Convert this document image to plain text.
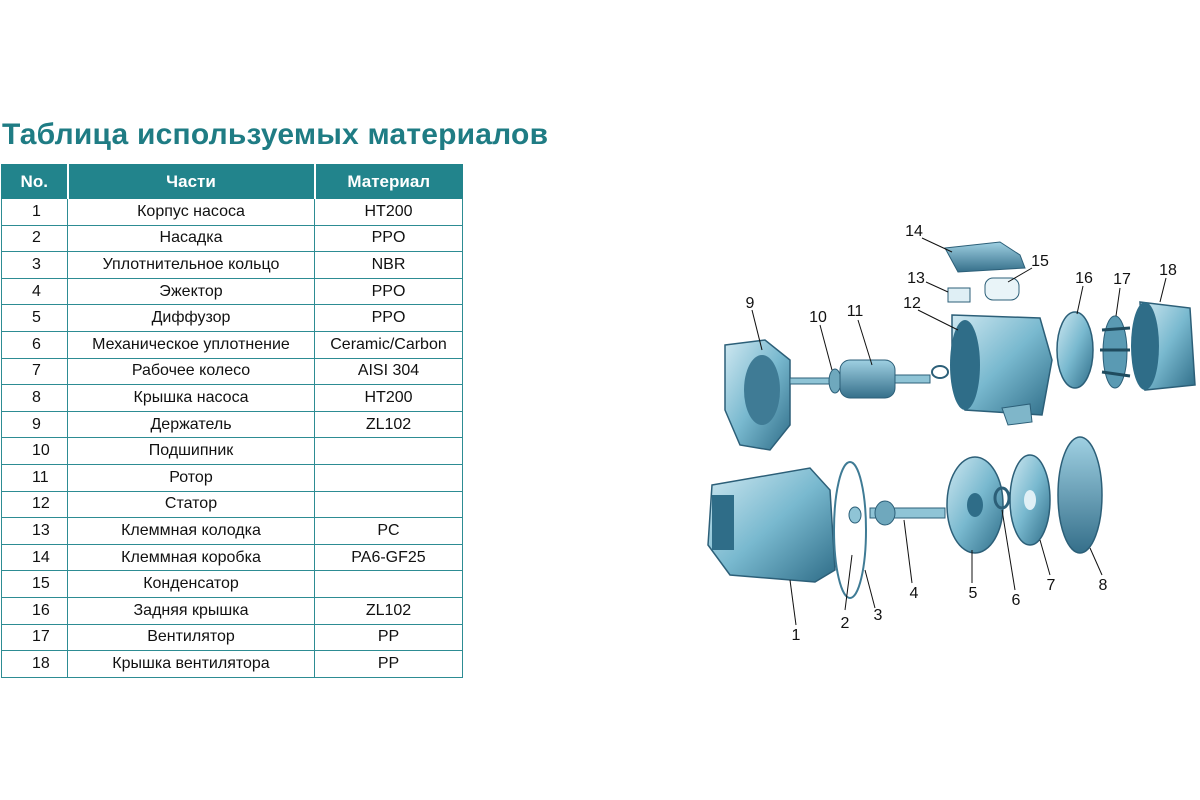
Таблица используемых материалов
No.	Части	Материал
1	Корпус насоса	HT200
2	Насадка	PPO
3	Уплотнительное кольцо	NBR
4	Эжектор	PPO
5	Диффузор	PPO
6	Механическое уплотнение	Ceramic/Carbon
7	Рабочее колесо	AISI 304
8	Крышка насоса	HT200
9	Держатель	ZL102
10	Подшипник	
11	Ротор	
12	Статор	
13	Клеммная колодка	PC
14	Клеммная коробка	PA6-GF25
15	Конденсатор	
16	Задняя крышка	ZL102
17	Вентилятор	PP
18	Крышка вентилятора	PP
1
2 3
4	5 6
7	8
9
10 11 12
13
14
15
16 17
18
